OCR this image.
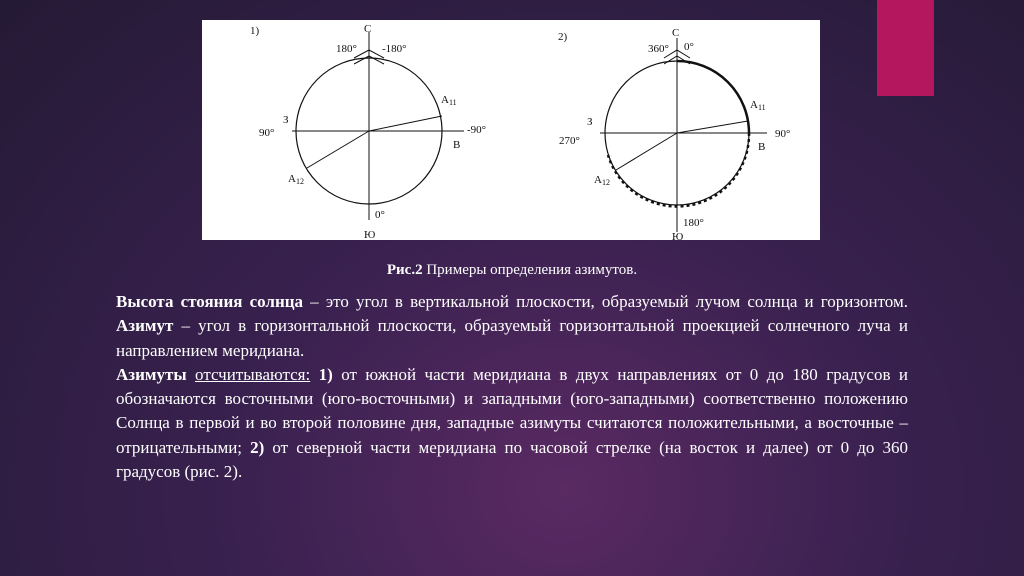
1)	С
Ю
З
В
180° -180°
90°	-90°
0°
А11
А12
2)	С
Ю
З
В
360° 0°
270°
90°
180°
А11
А12
Рис.2 Примеры определения азимутов.

Высота стояния солнца – это угол в вертикальной плоскости, образуемый лучом солнца и горизонтом. Азимут – угол в горизонтальной плоскости, образуемый горизонтальной проекцией солнечного луча и направлением меридиана.

Азимуты отсчитываются: 1) от южной части меридиана в двух направлениях от 0 до 180 градусов и обозначаются восточными (юго-восточными) и западными (юго-западными) соответственно положению Солнца в первой и во второй половине дня, западные азимуты считаются положительными, а восточные – отрицательными; 2) от северной части меридиана по часовой стрелке (на восток и далее) от 0 до 360 градусов (рис. 2).
